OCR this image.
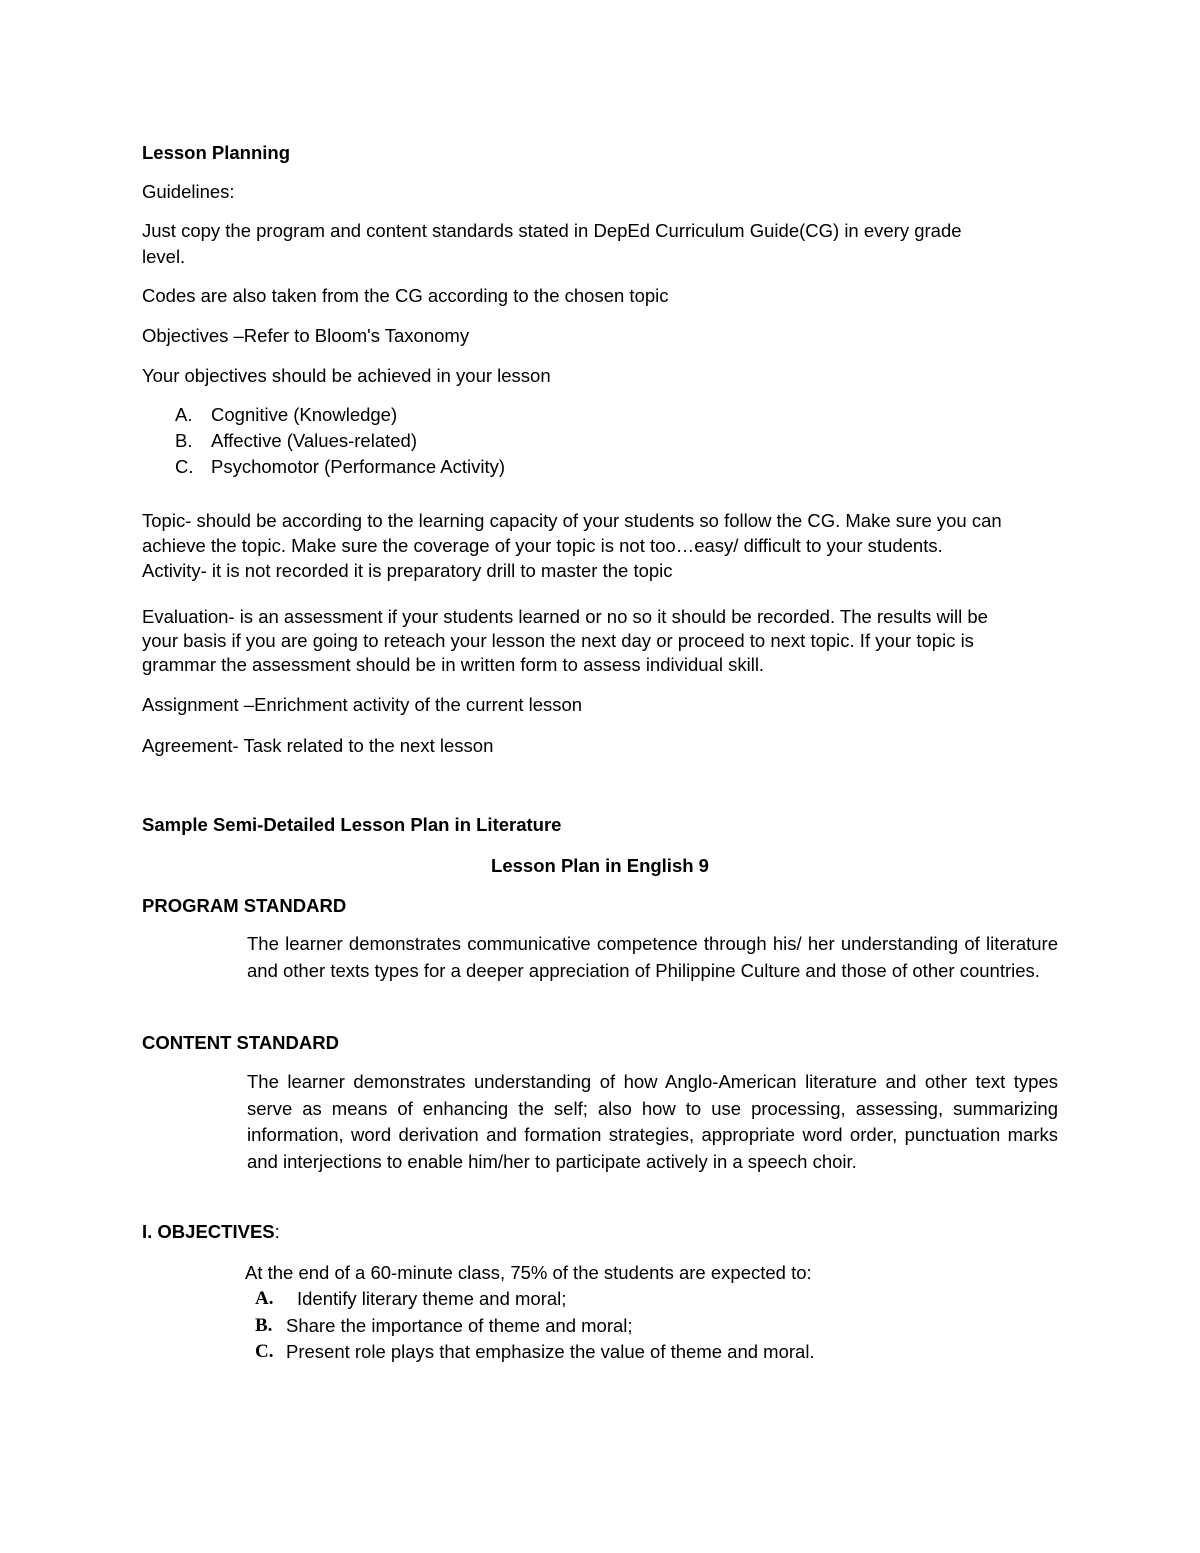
Lesson Planning

Guidelines:

Just copy the program and content standards stated in DepEd Curriculum Guide(CG) in every grade

level.

Codes are also taken from the CG according to the chosen topic

Objectives –Refer to Bloom's Taxonomy

Your objectives should be achieved in your lesson

A. Cognitive (Knowledge)
B. Affective (Values-related)
C. Psychomotor (Performance Activity)

Topic- should be according to the learning capacity of your students so follow the CG. Make sure you can

achieve the topic. Make sure the coverage of your topic is not too…easy/ difficult to your students.

Activity- it is not recorded it is preparatory drill to master the topic

Evaluation- is an assessment if your students learned or no so it should be recorded. The results will be

your basis if you are going to reteach your lesson the next day or proceed to next topic. If your topic is

grammar the assessment should be in written form to assess individual skill.

Assignment –Enrichment activity of the current lesson

Agreement- Task related to the next lesson

Sample Semi-Detailed Lesson Plan in Literature

Lesson Plan in English 9

PROGRAM STANDARD

The learner demonstrates communicative competence through his/ her understanding of literature and other texts types for a deeper appreciation of Philippine Culture and those of other countries.

CONTENT STANDARD

The learner demonstrates understanding of how Anglo-American literature and other text types serve as means of enhancing the self; also how to use processing, assessing, summarizing information, word derivation and formation strategies, appropriate word order, punctuation marks and interjections to enable him/her to participate actively in a speech choir.

I. OBJECTIVES:

At the end of a 60-minute class, 75% of the students are expected to:

A. Identify literary theme and moral;
B. Share the importance of theme and moral;
C. Present role plays that emphasize the value of theme and moral.
